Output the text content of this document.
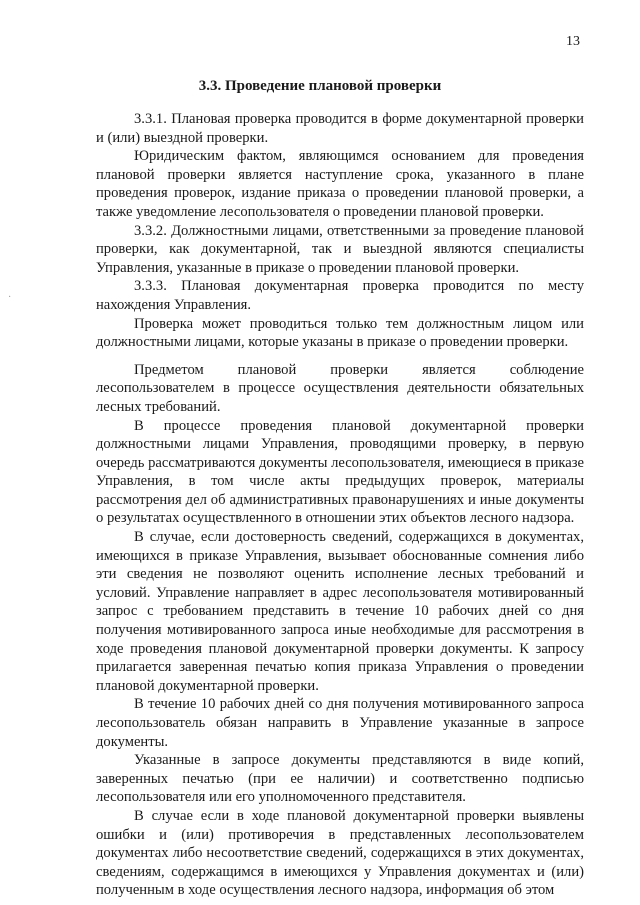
13
·
3.3. Проведение плановой проверки

3.3.1. Плановая проверка проводится в форме документарной проверки и (или) выездной проверки.

Юридическим фактом, являющимся основанием для проведения плановой проверки является наступление срока, указанного в плане проведения проверок, издание приказа о проведении плановой проверки, а также уведомление лесопользователя о проведении плановой проверки.

3.3.2. Должностными лицами, ответственными за проведение плановой проверки, как документарной, так и выездной являются специалисты Управления, указанные в приказе о проведении плановой проверки.

3.3.3. Плановая документарная проверка проводится по месту нахождения Управления.

Проверка может проводиться только тем должностным лицом или должностными лицами, которые указаны в приказе о проведении проверки.

Предметом плановой проверки является соблюдение лесопользователем в процессе осуществления деятельности обязательных лесных требований.

В процессе проведения плановой документарной проверки должностными лицами Управления, проводящими проверку, в первую очередь рассматриваются документы лесопользователя, имеющиеся в приказе Управления, в том числе акты предыдущих проверок, материалы рассмотрения дел об административных правонарушениях и иные документы о результатах осуществленного в отношении этих объектов лесного надзора.

В случае, если достоверность сведений, содержащихся в документах, имеющихся в приказе Управления, вызывает обоснованные сомнения либо эти сведения не позволяют оценить исполнение лесных требований и условий. Управление направляет в адрес лесопользователя мотивированный запрос с требованием представить в течение 10 рабочих дней со дня получения мотивированного запроса иные необходимые для рассмотрения в ходе проведения плановой документарной проверки документы. К запросу прилагается заверенная печатью копия приказа Управления о проведении плановой документарной проверки.

В течение 10 рабочих дней со дня получения мотивированного запроса лесопользователь обязан направить в Управление указанные в запросе документы.

Указанные в запросе документы представляются в виде копий, заверенных печатью (при ее наличии) и соответственно подписью лесопользователя или его уполномоченного представителя.

В случае если в ходе плановой документарной проверки выявлены ошибки и (или) противоречия в представленных лесопользователем документах либо несоответствие сведений, содержащихся в этих документах, сведениям, содержащимся в имеющихся у Управления документах и (или) полученным в ходе осуществления лесного надзора, информация об этом
